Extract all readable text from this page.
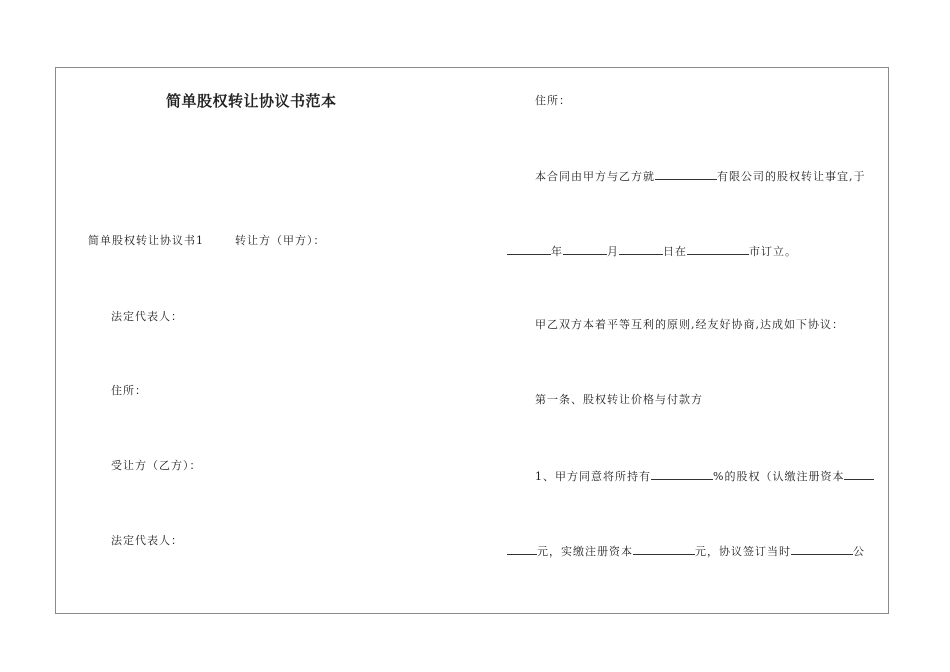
简单股权转让协议书范本
简单股权转让协议书1	转让方（甲方）：
法定代表人：
住所：
受让方（乙方）：
法定代表人：
住所：
本合同由甲方与乙方就	有限公司的股权转让事宜,于
年	月	日在	市订立。
甲乙双方本着平等互利的原则,经友好协商,达成如下协议：
第一条、股权转让价格与付款方
1、甲方同意将所持有	%的股权（认缴注册资本
元，实缴注册资本	元，协议签订当时	公
